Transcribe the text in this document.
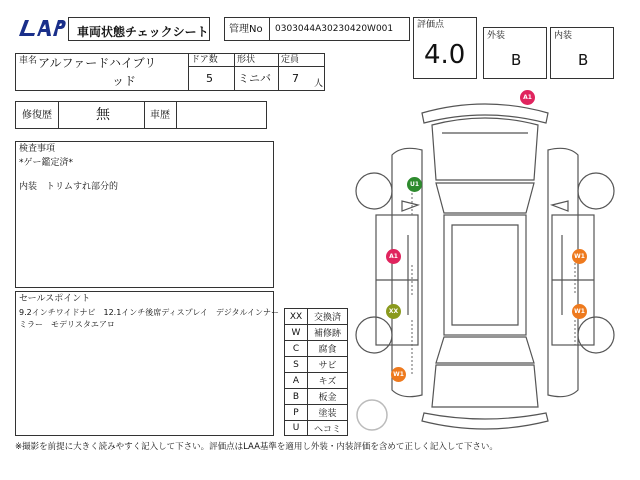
車両状態チェックシート 管理No 0303044A30230420W001	評価点
4.0
外装
B
内装
B
車名 アルファードハイブリ
ッド
ドア数
5
形状
ミニバ
定員
7 人
修復歴	無	車歴
検査事項
*ゲー鑑定済*
内装　トリムすれ部分的
セールスポイント
9.2インチワイドナビ　12.1インチ後席ディスプレイ　デジタルインナー
ミラー　モデリスタエアロ
XX	交換済
W	補修跡
C	腐食
S	サビ
A	キズ
B	板金
P	塗装
U	ヘコミ
A1
U1
A1	W1
XX	W1
W1
※撮影を前提に大きく読みやすく記入して下さい。評価点はLAA基準を適用し外装・内装評価を含めて正しく記入して下さい。
